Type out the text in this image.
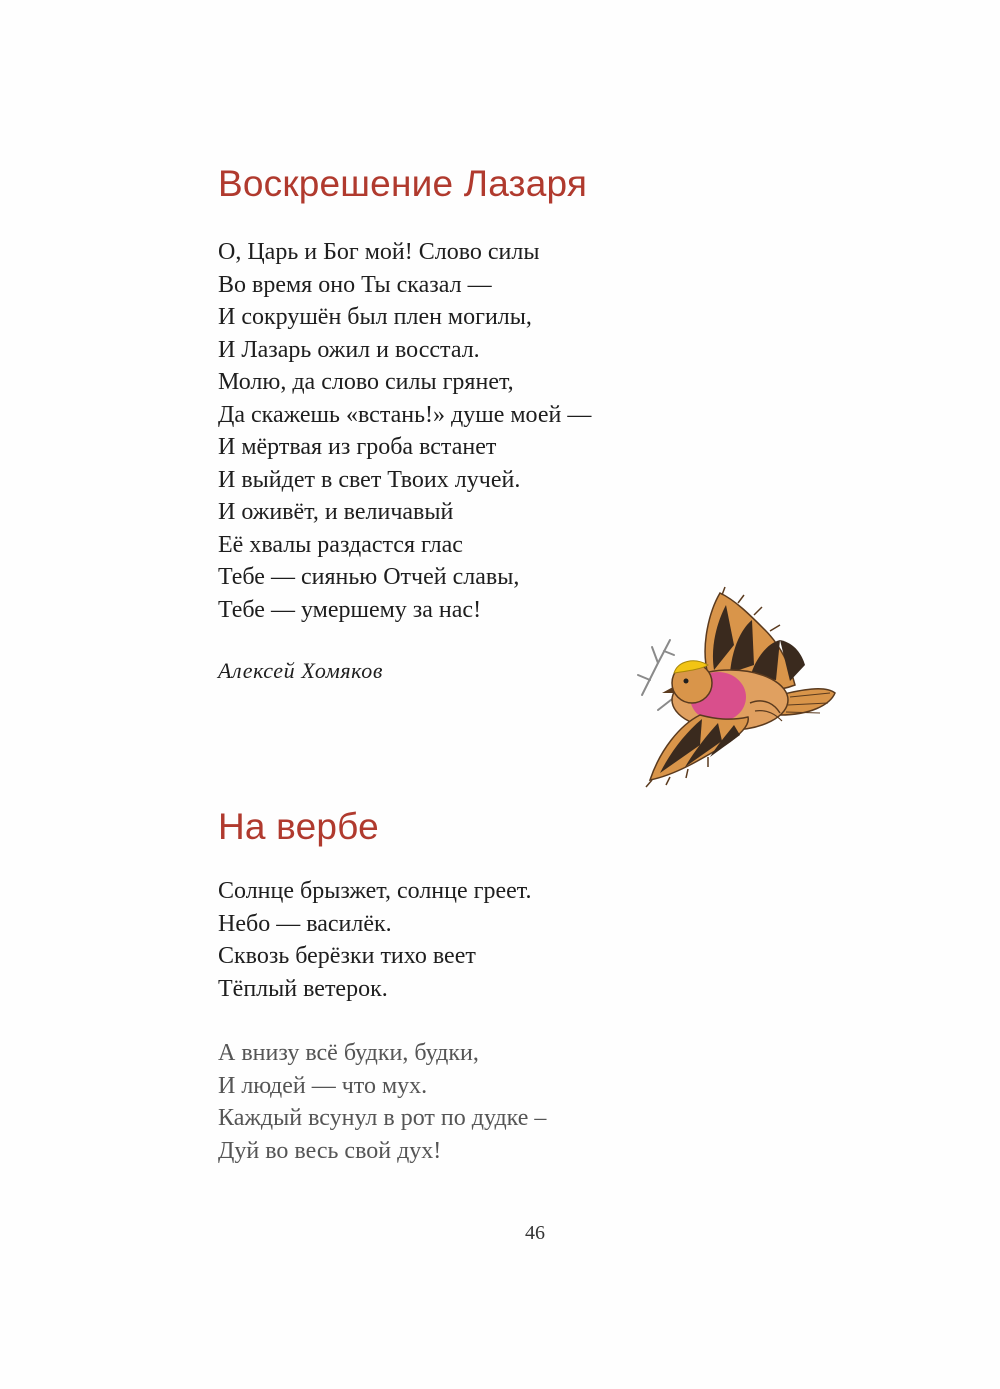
Воскрешение Лазаря
О, Царь и Бог мой! Слово силы
Во время оно Ты сказал —
И сокрушён был плен могилы,
И Лазарь ожил и восстал.
Молю, да слово силы грянет,
Да скажешь «встань!» душе моей —
И мёртвая из гроба встанет
И выйдет в свет Твоих лучей.
И оживёт, и величавый
Её хвалы раздастся глас
Тебе — сиянью Отчей славы,
Тебе — умершему за нас!

Алексей Хомяков

На вербе
Солнце брызжет, солнце греет.
Небо — василёк.
Сквозь берёзки тихо веет
Тёплый ветерок.
А внизу всё будки, будки,
И людей — что мух.
Каждый всунул в рот по дудке –
Дуй во весь свой дух!
46
